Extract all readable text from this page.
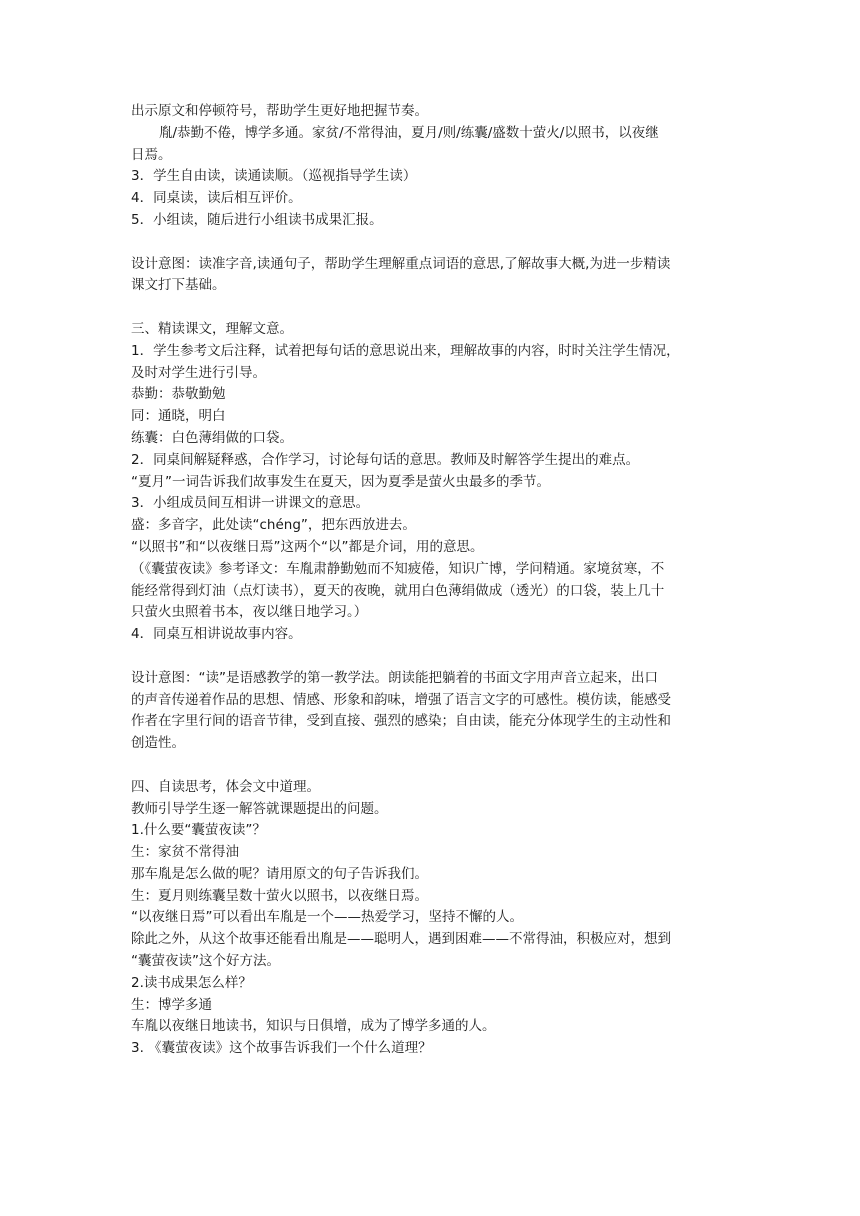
出示原文和停顿符号，帮助学生更好地把握节奏。
胤/恭勤不倦，博学多通。家贫/不常得油，夏月/则/练囊/盛数十萤火/以照书，以夜继
日焉。
3．学生自由读，读通读顺。（巡视指导学生读）
4．同桌读，读后相互评价。
5．小组读，随后进行小组读书成果汇报。
设计意图：读准字音,读通句子，帮助学生理解重点词语的意思,了解故事大概,为进一步精读
课文打下基础。
三、精读课文，理解文意。
1．学生参考文后注释，试着把每句话的意思说出来，理解故事的内容，时时关注学生情况，
及时对学生进行引导。
恭勤：恭敬勤勉
同：通晓，明白
练囊：白色薄绢做的口袋。
2．同桌间解疑释惑，合作学习，讨论每句话的意思。教师及时解答学生提出的难点。
“夏月”一词告诉我们故事发生在夏天，因为夏季是萤火虫最多的季节。
3．小组成员间互相讲一讲课文的意思。
盛：多音字，此处读“chéng”，把东西放进去。
“以照书”和“以夜继日焉”这两个“以”都是介词，用的意思。
（《囊萤夜读》参考译文：车胤肃静勤勉而不知疲倦，知识广博，学问精通。家境贫寒，不
能经常得到灯油（点灯读书），夏天的夜晚，就用白色薄绢做成（透光）的口袋，装上几十
只萤火虫照着书本，夜以继日地学习。）
4．同桌互相讲说故事内容。
设计意图：“读”是语感教学的第一教学法。朗读能把躺着的书面文字用声音立起来，出口
的声音传递着作品的思想、情感、形象和韵味，增强了语言文字的可感性。模仿读，能感受
作者在字里行间的语音节律，受到直接、强烈的感染；自由读，能充分体现学生的主动性和
创造性。
四、自读思考，体会文中道理。
教师引导学生逐一解答就课题提出的问题。
1.什么要“囊萤夜读”？
生：家贫不常得油
那车胤是怎么做的呢？请用原文的句子告诉我们。
生：夏月则练囊呈数十萤火以照书，以夜继日焉。
“以夜继日焉”可以看出车胤是一个——热爱学习，坚持不懈的人。
除此之外，从这个故事还能看出胤是——聪明人，遇到困难——不常得油，积极应对，想到
“囊萤夜读”这个好方法。
2.读书成果怎么样？
生：博学多通
车胤以夜继日地读书，知识与日俱增，成为了博学多通的人。
3. 《囊萤夜读》这个故事告诉我们一个什么道理？
